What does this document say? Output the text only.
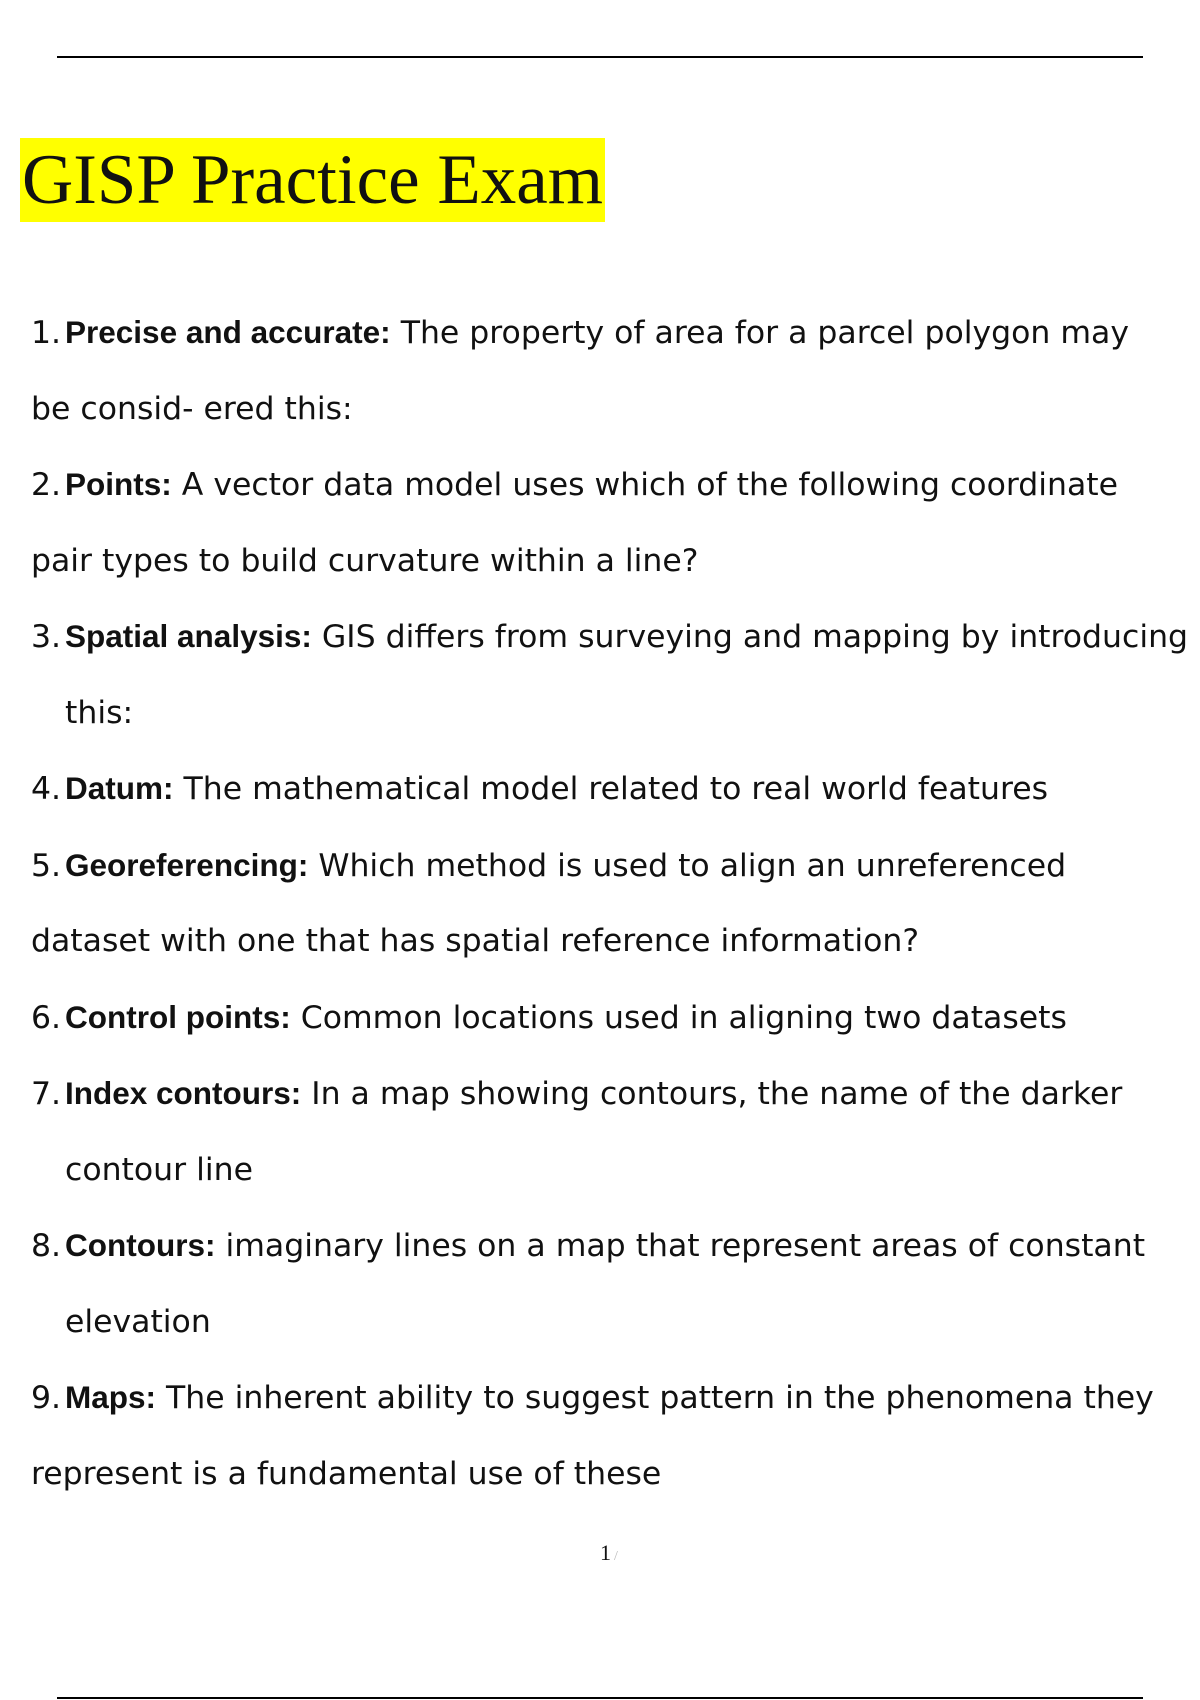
GISP Practice Exam
1. Precise and accurate: The property of area for a parcel polygon may
be consid- ered this:
2. Points: A vector data model uses which of the following coordinate
pair types to build curvature within a line?
3. Spatial analysis: GIS differs from surveying and mapping by introducing
this:
4. Datum: The mathematical model related to real world features
5. Georeferencing: Which method is used to align an unreferenced
dataset with one that has spatial reference information?
6. Control points: Common locations used in aligning two datasets
7. Index contours: In a map showing contours, the name of the darker
contour line
8. Contours: imaginary lines on a map that represent areas of constant
elevation
9. Maps: The inherent ability to suggest pattern in the phenomena they
represent is a fundamental use of these
1 /
